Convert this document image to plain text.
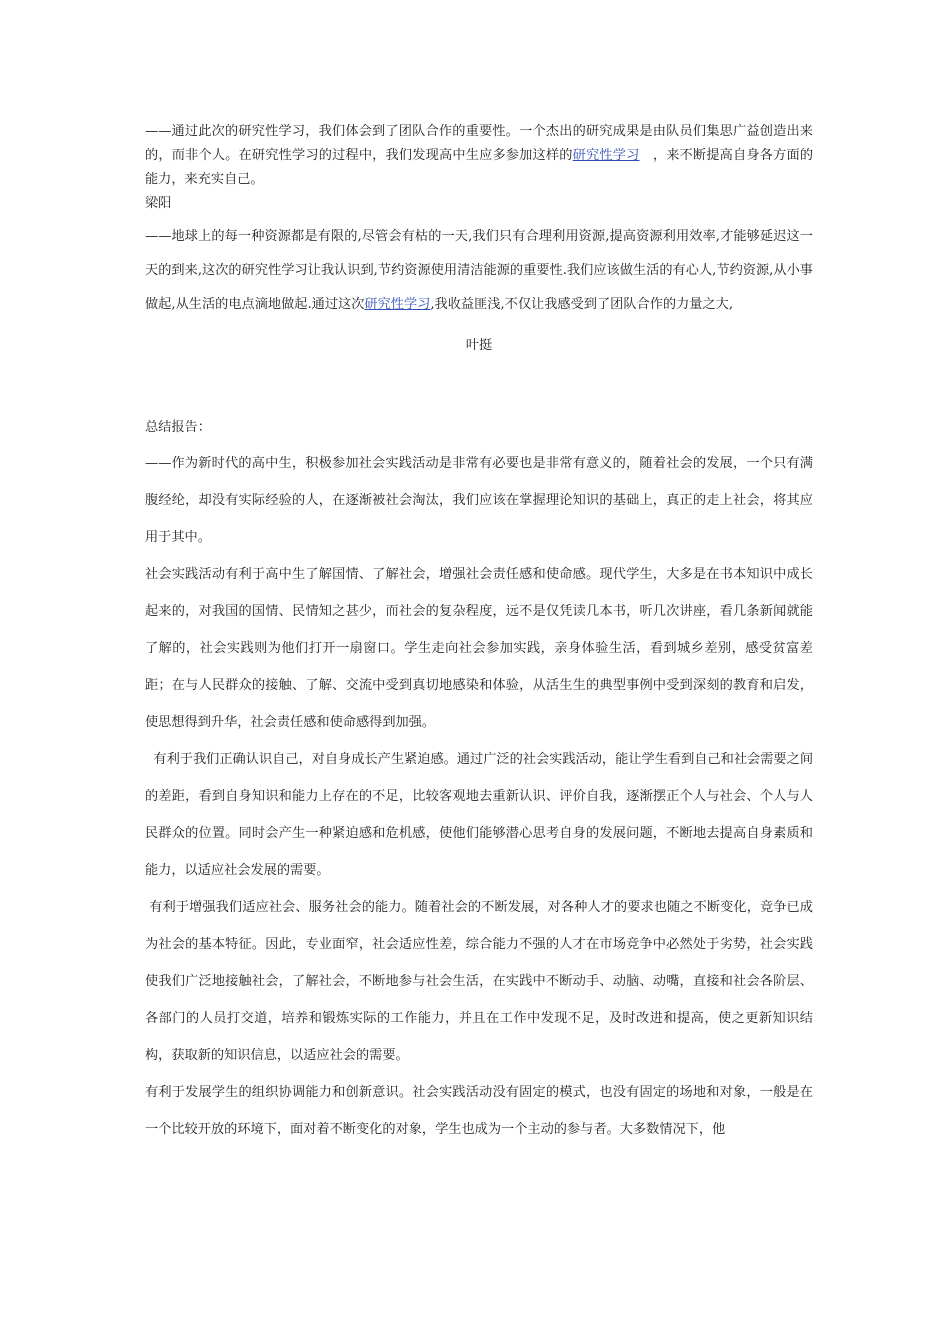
——通过此次的研究性学习，我们体会到了团队合作的重要性。一个杰出的研究成果是由队员们集思广益创造出来的，而非个人。在研究性学习的过程中，我们发现高中生应多参加这样的研究性学习　，来不断提高自身各方面的能力，来充实自己。

梁阳

——地球上的每一种资源都是有限的,尽管会有枯的一天,我们只有合理利用资源,提高资源利用效率,才能够延迟这一天的到来,这次的研究性学习让我认识到,节约资源使用清洁能源的重要性.我们应该做生活的有心人,节约资源,从小事做起,从生活的电点滴地做起.通过这次研究性学习,我收益匪浅,不仅让我感受到了团队合作的力量之大,

叶挺

总结报告：

——作为新时代的高中生，积极参加社会实践活动是非常有必要也是非常有意义的，随着社会的发展，一个只有满腹经纶，却没有实际经验的人，在逐渐被社会淘汰，我们应该在掌握理论知识的基础上，真正的走上社会，将其应用于其中。

社会实践活动有利于高中生了解国情、了解社会，增强社会责任感和使命感。现代学生，大多是在书本知识中成长起来的，对我国的国情、民情知之甚少，而社会的复杂程度，远不是仅凭读几本书，听几次讲座，看几条新闻就能了解的，社会实践则为他们打开一扇窗口。学生走向社会参加实践，亲身体验生活，看到城乡差别，感受贫富差距；在与人民群众的接触、了解、交流中受到真切地感染和体验，从活生生的典型事例中受到深刻的教育和启发，使思想得到升华，社会责任感和使命感得到加强。

有利于我们正确认识自己，对自身成长产生紧迫感。通过广泛的社会实践活动，能让学生看到自己和社会需要之间的差距，看到自身知识和能力上存在的不足，比较客观地去重新认识、评价自我，逐渐摆正个人与社会、个人与人民群众的位置。同时会产生一种紧迫感和危机感，使他们能够潜心思考自身的发展问题，不断地去提高自身素质和能力，以适应社会发展的需要。

有利于增强我们适应社会、服务社会的能力。随着社会的不断发展，对各种人才的要求也随之不断变化，竞争已成为社会的基本特征。因此，专业面窄，社会适应性差，综合能力不强的人才在市场竞争中必然处于劣势，社会实践使我们广泛地接触社会，了解社会，不断地参与社会生活，在实践中不断动手、动脑、动嘴，直接和社会各阶层、各部门的人员打交道，培养和锻炼实际的工作能力，并且在工作中发现不足，及时改进和提高，使之更新知识结构，获取新的知识信息，以适应社会的需要。

有利于发展学生的组织协调能力和创新意识。社会实践活动没有固定的模式，也没有固定的场地和对象，一般是在一个比较开放的环境下，面对着不断变化的对象，学生也成为一个主动的参与者。大多数情况下，他
